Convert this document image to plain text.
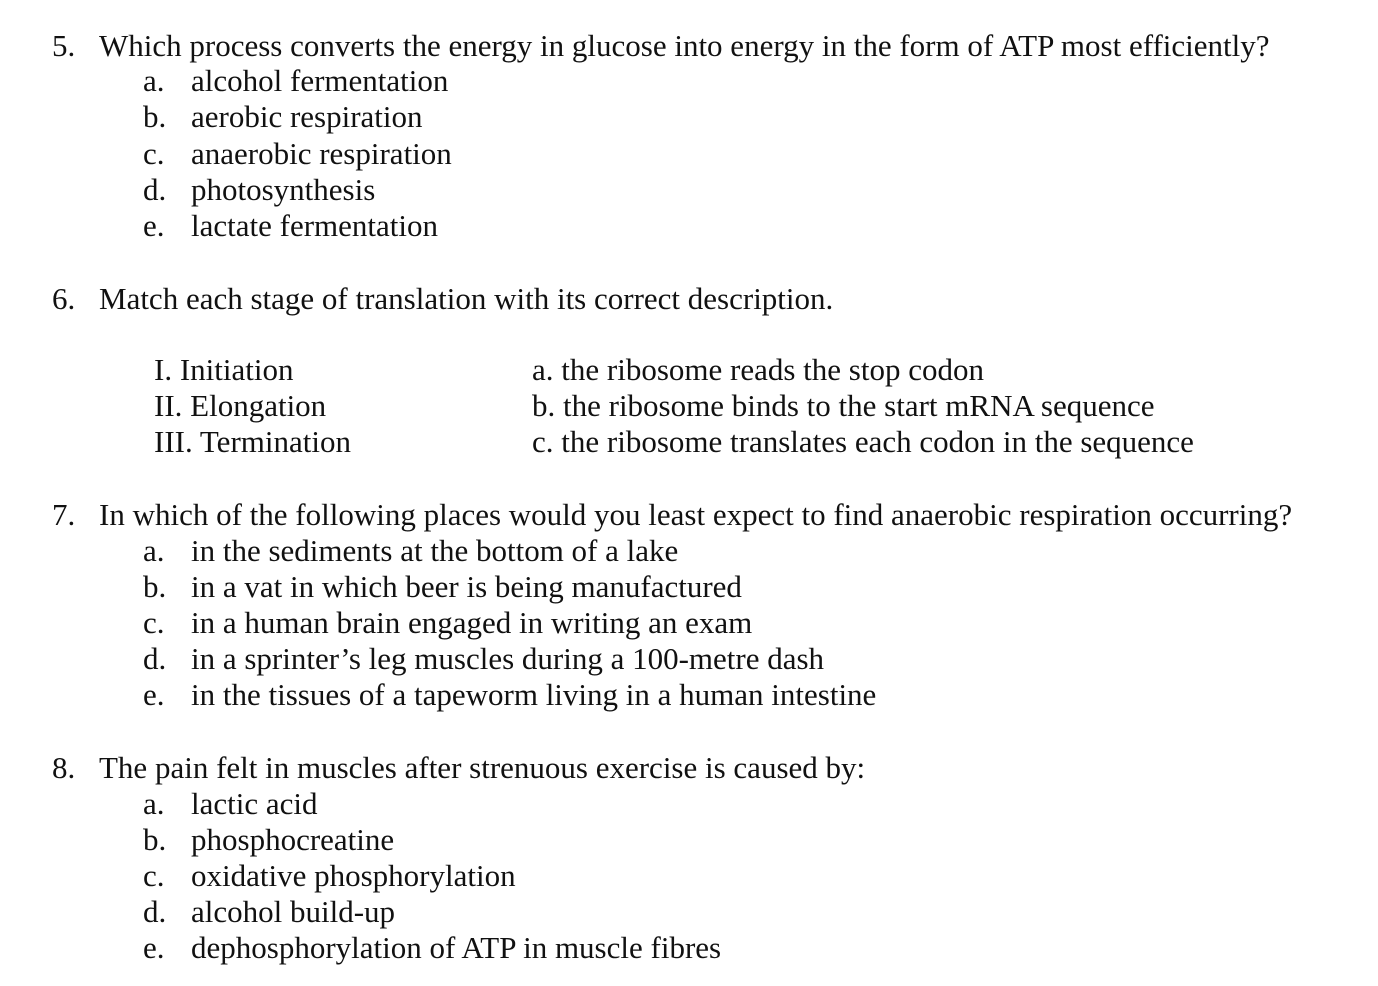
5. Which process converts the energy in glucose into energy in the form of ATP most efficiently?
a. alcohol fermentation
b. aerobic respiration
c. anaerobic respiration
d. photosynthesis
e. lactate fermentation
6. Match each stage of translation with its correct description.
I. Initiation
II. Elongation
III. Termination
a. the ribosome reads the stop codon
b. the ribosome binds to the start mRNA sequence
c. the ribosome translates each codon in the sequence
7. In which of the following places would you least expect to find anaerobic respiration occurring?
a. in the sediments at the bottom of a lake
b. in a vat in which beer is being manufactured
c. in a human brain engaged in writing an exam
d. in a sprinter’s leg muscles during a 100-metre dash
e. in the tissues of a tapeworm living in a human intestine
8. The pain felt in muscles after strenuous exercise is caused by:
a. lactic acid
b. phosphocreatine
c. oxidative phosphorylation
d. alcohol build-up
e. dephosphorylation of ATP in muscle fibres
